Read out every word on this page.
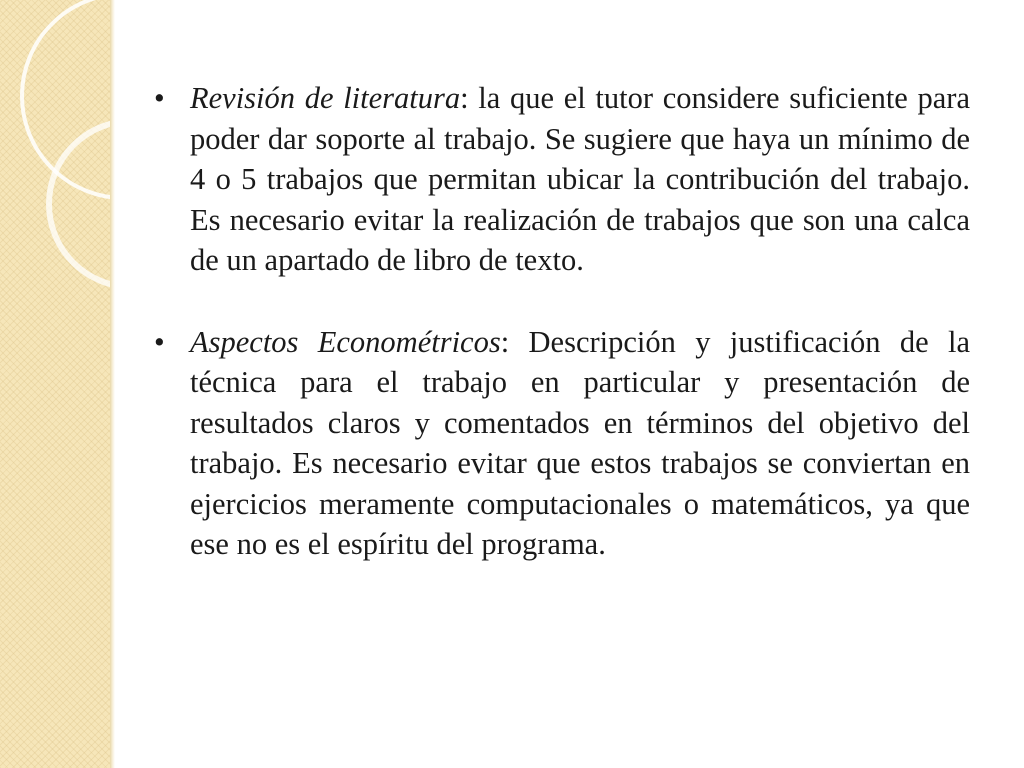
• Revisión de literatura: la que el tutor considere suficiente para poder dar soporte al trabajo. Se sugiere que haya un mínimo de 4 o 5 trabajos que permitan ubicar la contribución del trabajo. Es necesario evitar la realización de trabajos que son una calca de un apartado de libro de texto.

• Aspectos Econométricos: Descripción y justificación de la técnica para el trabajo en particular y presentación de resultados claros y comentados en términos del objetivo del trabajo. Es necesario evitar que estos trabajos se conviertan en ejercicios meramente computacionales o matemáticos, ya que ese no es el espíritu del programa.
